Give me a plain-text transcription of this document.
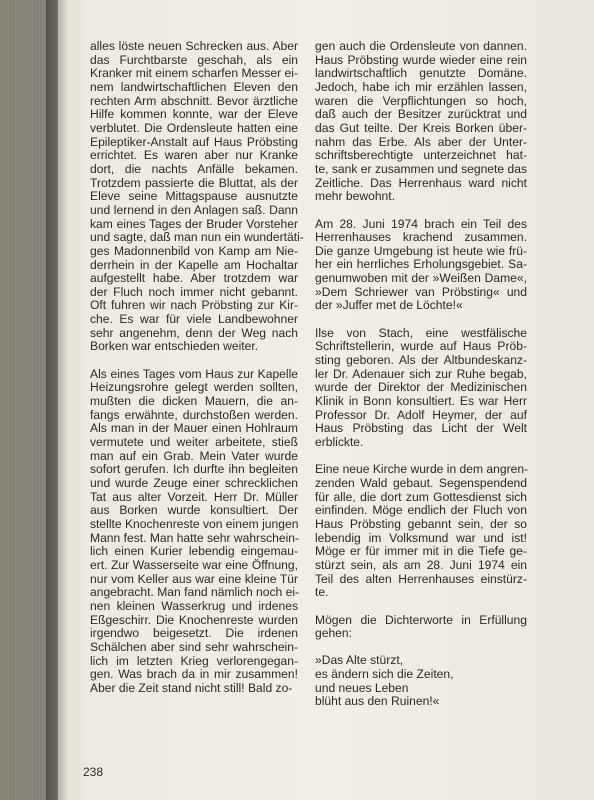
alles löste neuen Schrecken aus. Aber
das Furchtbarste geschah, als ein
Kranker mit einem scharfen Messer ei-
nem landwirtschaftlichen Eleven den
rechten Arm abschnitt. Bevor ärztliche
Hilfe kommen konnte, war der Eleve
verblutet. Die Ordensleute hatten eine
Epileptiker-Anstalt auf Haus Pröbsting
errichtet. Es waren aber nur Kranke
dort, die nachts Anfälle bekamen.
Trotzdem passierte die Bluttat, als der
Eleve seine Mittagspause ausnutzte
und lernend in den Anlagen saß. Dann
kam eines Tages der Bruder Vorsteher
und sagte, daß man nun ein wundertäti-
ges Madonnenbild von Kamp am Nie-
derrhein in der Kapelle am Hochaltar
aufgestellt habe. Aber trotzdem war
der Fluch noch immer nicht gebannt.
Oft fuhren wir nach Pröbsting zur Kir-
che. Es war für viele Landbewohner
sehr angenehm, denn der Weg nach
Borken war entschieden weiter.
Als eines Tages vom Haus zur Kapelle
Heizungsrohre gelegt werden sollten,
mußten die dicken Mauern, die an-
fangs erwähnte, durchstoßen werden.
Als man in der Mauer einen Hohlraum
vermutete und weiter arbeitete, stieß
man auf ein Grab. Mein Vater wurde
sofort gerufen. Ich durfte ihn begleiten
und wurde Zeuge einer schrecklichen
Tat aus alter Vorzeit. Herr Dr. Müller
aus Borken wurde konsultiert. Der
stellte Knochenreste von einem jungen
Mann fest. Man hatte sehr wahrschein-
lich einen Kurier lebendig eingemau-
ert. Zur Wasserseite war eine Öffnung,
nur vom Keller aus war eine kleine Tür
angebracht. Man fand nämlich noch ei-
nen kleinen Wasserkrug und irdenes
Eßgeschirr. Die Knochenreste wurden
irgendwo beigesetzt. Die irdenen
Schälchen aber sind sehr wahrschein-
lich im letzten Krieg verlorengegan-
gen. Was brach da in mir zusammen!
Aber die Zeit stand nicht still! Bald zo-
gen auch die Ordensleute von dannen.
Haus Pröbsting wurde wieder eine rein
landwirtschaftlich genutzte Domäne.
Jedoch, habe ich mir erzählen lassen,
waren die Verpflichtungen so hoch,
daß auch der Besitzer zurücktrat und
das Gut teilte. Der Kreis Borken über-
nahm das Erbe. Als aber der Unter-
schriftsberechtigte unterzeichnet hat-
te, sank er zusammen und segnete das
Zeitliche. Das Herrenhaus ward nicht
mehr bewohnt.
Am 28. Juni 1974 brach ein Teil des
Herrenhauses krachend zusammen.
Die ganze Umgebung ist heute wie frü-
her ein herrliches Erholungsgebiet. Sa-
genumwoben mit der »Weißen Dame«,
»Dem Schriewer van Pröbsting« und
der »Juffer met de Löchte!«
Ilse von Stach, eine westfälische
Schriftstellerin, wurde auf Haus Pröb-
sting geboren. Als der Altbundeskanz-
ler Dr. Adenauer sich zur Ruhe begab,
wurde der Direktor der Medizinischen
Klinik in Bonn konsultiert. Es war Herr
Professor Dr. Adolf Heymer, der auf
Haus Pröbsting das Licht der Welt
erblickte.
Eine neue Kirche wurde in dem angren-
zenden Wald gebaut. Segenspendend
für alle, die dort zum Gottesdienst sich
einfinden. Möge endlich der Fluch von
Haus Pröbsting gebannt sein, der so
lebendig im Volksmund war und ist!
Möge er für immer mit in die Tiefe ge-
stürzt sein, als am 28. Juni 1974 ein
Teil des alten Herrenhauses einstürz-
te.
Mögen die Dichterworte in Erfüllung
gehen:
»Das Alte stürzt,
es ändern sich die Zeiten,
und neues Leben
blüht aus den Ruinen!«
238
